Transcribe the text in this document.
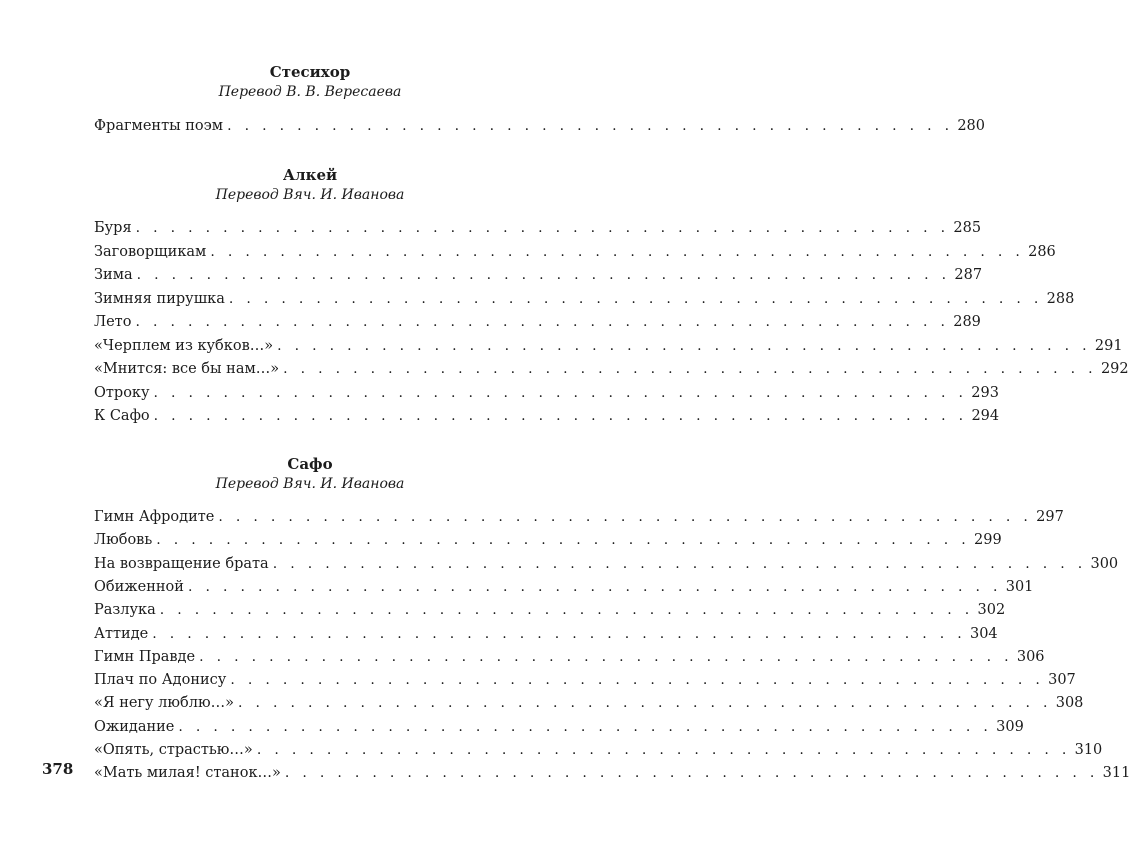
Стесихор

Перевод В. В. Вересаева

Фрагменты поэм . . . . . . . . . . . . . . . . . . . . . . . . . . . . . . . . . . . . . . . . . . 280

Алкей

Перевод Вяч. И. Иванова

Буря . . . . . . . . . . . . . . . . . . . . . . . . . . . . . . . . . . . . . . . . . . . . . . . 285
Заговорщикам . . . . . . . . . . . . . . . . . . . . . . . . . . . . . . . . . . . . . . . . . . . . . . . 286
Зима . . . . . . . . . . . . . . . . . . . . . . . . . . . . . . . . . . . . . . . . . . . . . . . 287
Зимняя пирушка . . . . . . . . . . . . . . . . . . . . . . . . . . . . . . . . . . . . . . . . . . . . . . . 288
Лето . . . . . . . . . . . . . . . . . . . . . . . . . . . . . . . . . . . . . . . . . . . . . . . 289
«Черплем из кубков…» . . . . . . . . . . . . . . . . . . . . . . . . . . . . . . . . . . . . . . . . . . . . . . . 291
«Мнится: все бы нам…» . . . . . . . . . . . . . . . . . . . . . . . . . . . . . . . . . . . . . . . . . . . . . . . 292
Отроку . . . . . . . . . . . . . . . . . . . . . . . . . . . . . . . . . . . . . . . . . . . . . . . 293
К Сафо . . . . . . . . . . . . . . . . . . . . . . . . . . . . . . . . . . . . . . . . . . . . . . . 294

Сафо

Перевод Вяч. И. Иванова

Гимн Афродите . . . . . . . . . . . . . . . . . . . . . . . . . . . . . . . . . . . . . . . . . . . . . . . 297
Любовь . . . . . . . . . . . . . . . . . . . . . . . . . . . . . . . . . . . . . . . . . . . . . . . 299
На возвращение брата . . . . . . . . . . . . . . . . . . . . . . . . . . . . . . . . . . . . . . . . . . . . . . . 300
Обиженной . . . . . . . . . . . . . . . . . . . . . . . . . . . . . . . . . . . . . . . . . . . . . . . 301
Разлука . . . . . . . . . . . . . . . . . . . . . . . . . . . . . . . . . . . . . . . . . . . . . . . 302
Аттиде . . . . . . . . . . . . . . . . . . . . . . . . . . . . . . . . . . . . . . . . . . . . . . . 304
Гимн Правде . . . . . . . . . . . . . . . . . . . . . . . . . . . . . . . . . . . . . . . . . . . . . . . 306
Плач по Адонису . . . . . . . . . . . . . . . . . . . . . . . . . . . . . . . . . . . . . . . . . . . . . . . 307
«Я негу люблю…» . . . . . . . . . . . . . . . . . . . . . . . . . . . . . . . . . . . . . . . . . . . . . . . 308
Ожидание . . . . . . . . . . . . . . . . . . . . . . . . . . . . . . . . . . . . . . . . . . . . . . . 309
«Опять, страстью…» . . . . . . . . . . . . . . . . . . . . . . . . . . . . . . . . . . . . . . . . . . . . . . . 310
«Мать милая! станок…» . . . . . . . . . . . . . . . . . . . . . . . . . . . . . . . . . . . . . . . . . . . . . . . 311
378
